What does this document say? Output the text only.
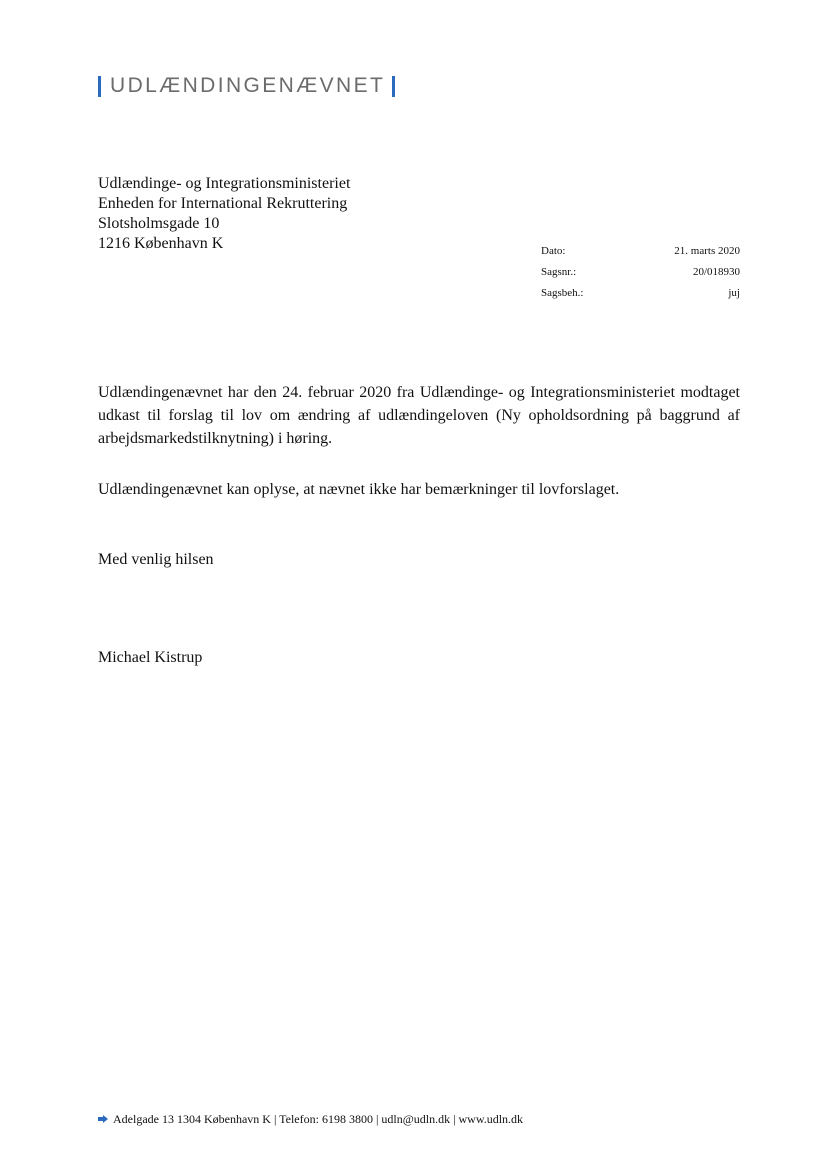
UDLÆNDINGENÆVNET
Udlændinge- og Integrationsministeriet
Enheden for International Rekruttering
Slotsholmsgade 10
1216 København K	Dato:	21. marts 2020
Sagsnr.:	20/018930
Sagsbeh.:	juj

Udlændingenævnet har den 24. februar 2020 fra Udlændinge- og Integrationsministeriet modtaget udkast til forslag til lov om ændring af udlændingeloven (Ny opholdsordning på baggrund af arbejdsmarkedstilknytning) i høring.

Udlændingenævnet kan oplyse, at nævnet ikke har bemærkninger til lovforslaget.

Med venlig hilsen
Michael Kistrup
Adelgade 13 1304 København K | Telefon: 6198 3800 | udln@udln.dk | www.udln.dk
